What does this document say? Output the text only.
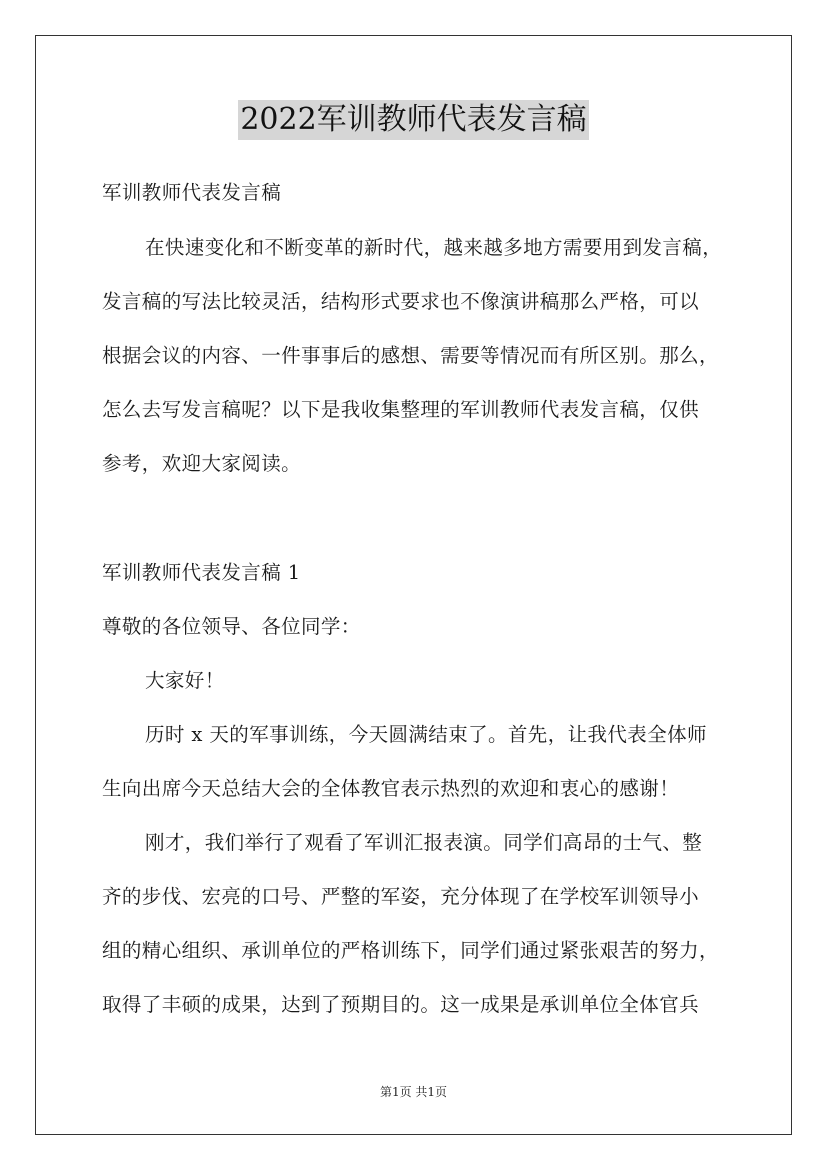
2022军训教师代表发言稿
军训教师代表发言稿
在快速变化和不断变革的新时代，越来越多地方需要用到发言稿，
发言稿的写法比较灵活，结构形式要求也不像演讲稿那么严格，可以
根据会议的内容、一件事事后的感想、需要等情况而有所区别。那么，
怎么去写发言稿呢？以下是我收集整理的军训教师代表发言稿，仅供
参考，欢迎大家阅读。
军训教师代表发言稿 1
尊敬的各位领导、各位同学：
大家好！
历时 x 天的军事训练，今天圆满结束了。首先，让我代表全体师
生向出席今天总结大会的全体教官表示热烈的欢迎和衷心的感谢！
刚才，我们举行了观看了军训汇报表演。同学们高昂的士气、整
齐的步伐、宏亮的口号、严整的军姿，充分体现了在学校军训领导小
组的精心组织、承训单位的严格训练下，同学们通过紧张艰苦的努力，
取得了丰硕的成果，达到了预期目的。这一成果是承训单位全体官兵
第1页 共1页
